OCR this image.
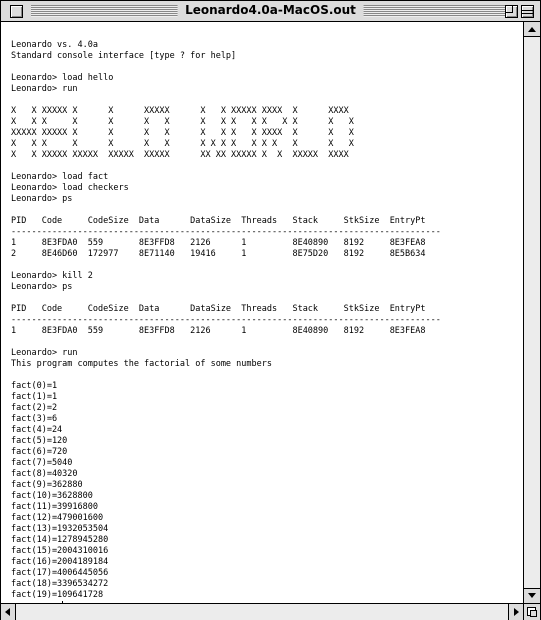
Leonardo4.0a-MacOS.out
Leonardo vs. 4.0a
Standard console interface [type ? for help]

Leonardo> load hello
Leonardo> run

X   X XXXXX X      X      XXXXX      X   X XXXXX XXXX  X      XXXX
X   X X     X      X      X   X      X   X X   X X   X X      X   X
XXXXX XXXXX X      X      X   X      X   X X   X XXXX  X      X   X
X   X X     X      X      X   X      X X X X   X X X   X      X   X
X   X XXXXX XXXXX  XXXXX  XXXXX      XX XX XXXXX X  X  XXXXX  XXXX

Leonardo> load fact
Leonardo> load checkers
Leonardo> ps

PID   Code     CodeSize  Data      DataSize  Threads   Stack     StkSize  EntryPt
------------------------------------------------------------------------------------
1     8E3FDA0  559       8E3FFD8   2126      1         8E40890   8192     8E3FEA8
2     8E46D60  172977    8E71140   19416     1         8E75D20   8192     8E5B634

Leonardo> kill 2
Leonardo> ps

PID   Code     CodeSize  Data      DataSize  Threads   Stack     StkSize  EntryPt
------------------------------------------------------------------------------------
1     8E3FDA0  559       8E3FFD8   2126      1         8E40890   8192     8E3FEA8

Leonardo> run
This program computes the factorial of some numbers

fact(0)=1
fact(1)=1
fact(2)=2
fact(3)=6
fact(4)=24
fact(5)=120
fact(6)=720
fact(7)=5040
fact(8)=40320
fact(9)=362880
fact(10)=3628800
fact(11)=39916800
fact(12)=479001600
fact(13)=1932053504
fact(14)=1278945280
fact(15)=2004310016
fact(16)=2004189184
fact(17)=4006445056
fact(18)=3396534272
fact(19)=109641728
